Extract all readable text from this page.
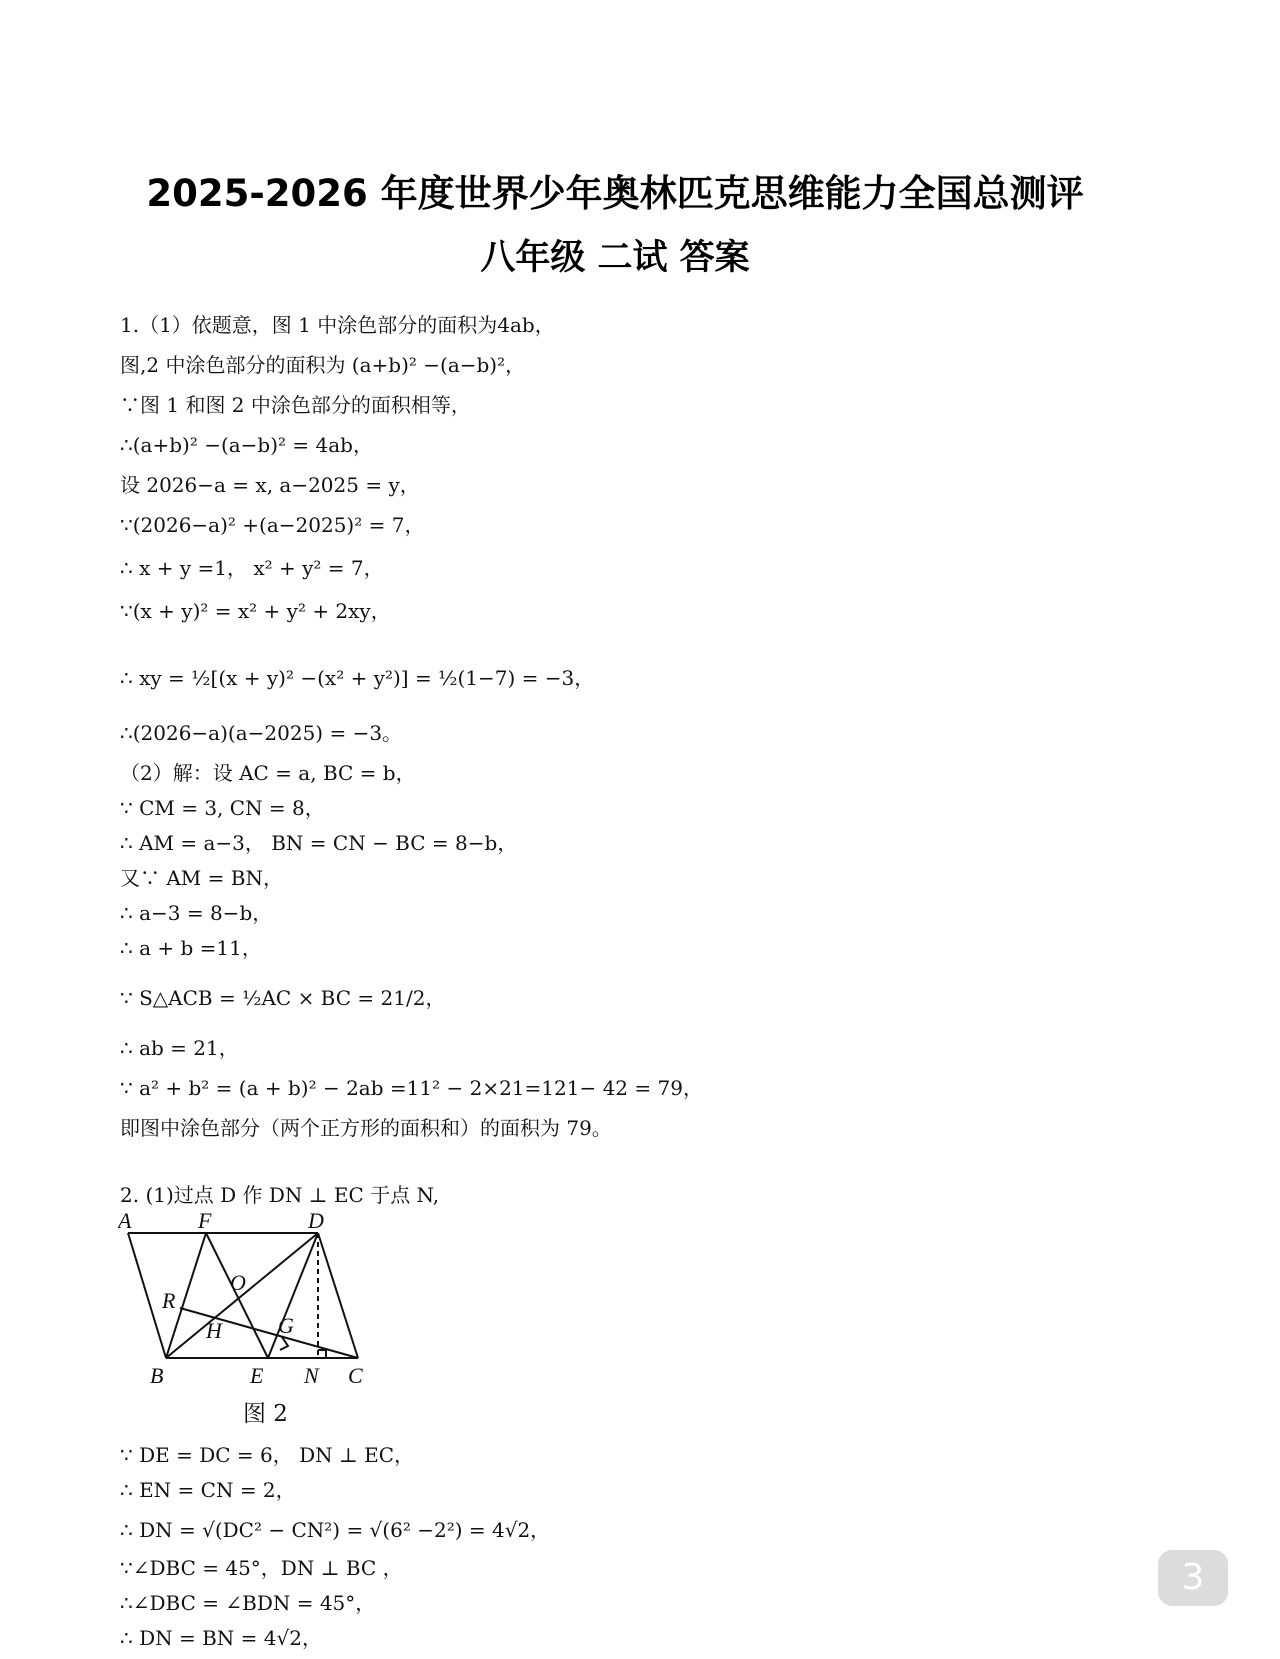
2025-2026 年度世界少年奥林匹克思维能力全国总测评
八年级 二试 答案
1.（1）依题意，图 1 中涂色部分的面积为4ab，
图,2 中涂色部分的面积为 (a+b)² −(a−b)²，
∵图 1 和图 2 中涂色部分的面积相等，
∴(a+b)² −(a−b)² = 4ab，
设 2026−a = x, a−2025 = y，
∵(2026−a)² +(a−2025)² = 7，
∴ x + y =1， x² + y² = 7，
∵(x + y)² = x² + y² + 2xy，
∴ xy = ½[(x + y)² −(x² + y²)] = ½(1−7) = −3，
∴(2026−a)(a−2025) = −3。
（2）解：设 AC = a, BC = b，
∵ CM = 3, CN = 8，
∴ AM = a−3， BN = CN − BC = 8−b，
又∵ AM = BN，
∴ a−3 = 8−b，
∴ a + b =11，
∵ S△ACB = ½AC × BC = 21/2，
∴ ab = 21，
∵ a² + b² = (a + b)² − 2ab =11² − 2×21=121− 42 = 79，
即图中涂色部分（两个正方形的面积和）的面积为 79。
2. (1)过点 D 作 DN ⊥ EC 于点 N,
A	F	D
R
O
H	G
B	E N C
图 2
∵ DE = DC = 6， DN ⊥ EC，
∴ EN = CN = 2，
∴ DN = √(DC² − CN²) = √(6² −2²) = 4√2，
∵∠DBC = 45°，DN ⊥ BC ，
∴∠DBC = ∠BDN = 45°，
∴ DN = BN = 4√2，
3
